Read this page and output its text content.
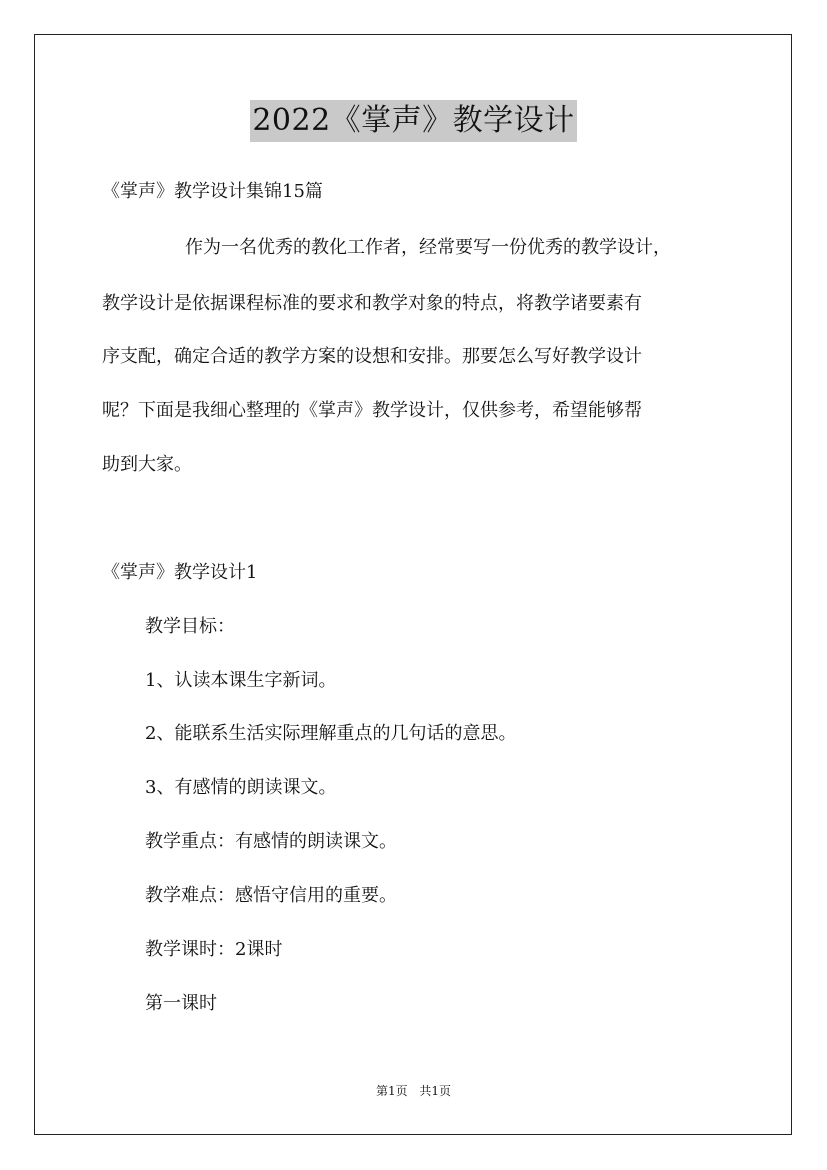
2022《掌声》教学设计
《掌声》教学设计集锦15篇
作为一名优秀的教化工作者，经常要写一份优秀的教学设计，
教学设计是依据课程标准的要求和教学对象的特点，将教学诸要素有
序支配，确定合适的教学方案的设想和安排。那要怎么写好教学设计
呢？下面是我细心整理的《掌声》教学设计，仅供参考，希望能够帮
助到大家。
《掌声》教学设计1
教学目标：
1、认读本课生字新词。
2、能联系生活实际理解重点的几句话的意思。
3、有感情的朗读课文。
教学重点：有感情的朗读课文。
教学难点：感悟守信用的重要。
教学课时：2课时
第一课时
第1页 共1页
